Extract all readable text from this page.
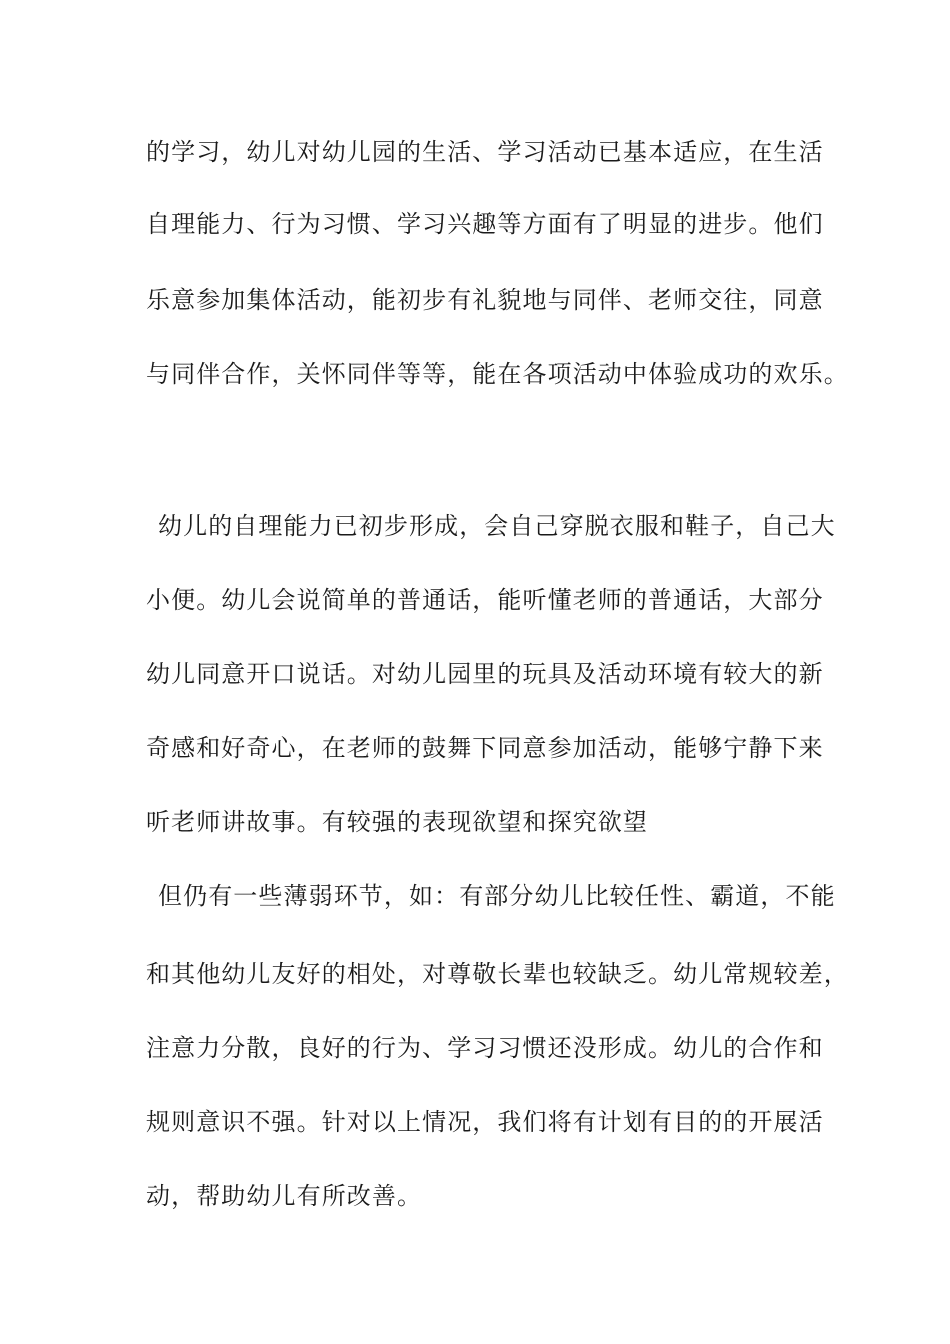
的学习，幼儿对幼儿园的生活、学习活动已基本适应，在生活
自理能力、行为习惯、学习兴趣等方面有了明显的进步。他们
乐意参加集体活动，能初步有礼貌地与同伴、老师交往，同意
与同伴合作，关怀同伴等等，能在各项活动中体验成功的欢乐。
幼儿的自理能力已初步形成，会自己穿脱衣服和鞋子，自己大
小便。幼儿会说简单的普通话，能听懂老师的普通话，大部分
幼儿同意开口说话。对幼儿园里的玩具及活动环境有较大的新
奇感和好奇心，在老师的鼓舞下同意参加活动，能够宁静下来
听老师讲故事。有较强的表现欲望和探究欲望
但仍有一些薄弱环节，如：有部分幼儿比较任性、霸道，不能
和其他幼儿友好的相处，对尊敬长辈也较缺乏。幼儿常规较差，
注意力分散，良好的行为、学习习惯还没形成。幼儿的合作和
规则意识不强。针对以上情况，我们将有计划有目的的开展活
动，帮助幼儿有所改善。
